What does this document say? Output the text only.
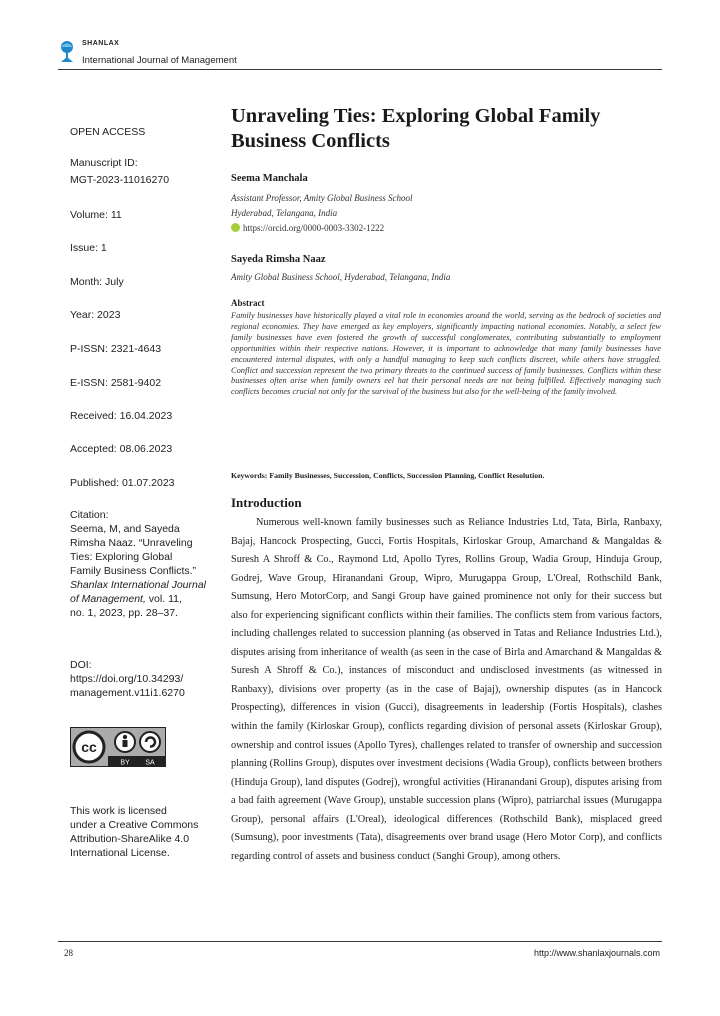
SHANLAX
International Journal of Management
OPEN ACCESS
Manuscript ID:
MGT-2023-11016270
Volume: 11
Issue: 1
Month: July
Year: 2023
P-ISSN: 2321-4643
E-ISSN: 2581-9402
Received: 16.04.2023
Accepted: 08.06.2023
Published: 01.07.2023
Citation:
Seema, M, and Sayeda
Rimsha Naaz. “Unraveling
Ties: Exploring Global
Family Business Conflicts.”
Shanlax International Journal
of Management, vol. 11,
no. 1, 2023, pp. 28–37.
DOI:
https://doi.org/10.34293/
management.v11i1.6270
cc
BY SA
This work is licensed
under a Creative Commons
Attribution-ShareAlike 4.0
International License.
Unraveling Ties: Exploring Global Family Business Conflicts
Seema Manchala
Assistant Professor, Amity Global Business School
Hyderabad, Telangana, India
https://orcid.org/0000-0003-3302-1222
Sayeda Rimsha Naaz
Amity Global Business School, Hyderabad, Telangana, India
Abstract
Family businesses have historically played a vital role in economies around the world, serving as the bedrock of societies and regional economies. They have emerged as key employers, significantly impacting national economies. Notably, a select few family businesses have even fostered the growth of successful conglomerates, contributing substantially to employment opportunities within their respective nations. However, it is important to acknowledge that many family businesses have encountered internal disputes, with only a handful managing to keep such conflicts discreet, while others have struggled. Conflict and succession represent the two primary threats to the continued success of family businesses. Conflicts within these businesses often arise when family owners eel hat their personal needs are not being fulfilled. Effectively managing such conflicts becomes crucial not only for the survival of the business but also for the well-being of the family involved.
Keywords: Family Businesses, Succession, Conflicts, Succession Planning, Conflict Resolution.
Introduction

Numerous well-known family businesses such as Reliance Industries Ltd, Tata, Birla, Ranbaxy, Bajaj, Hancock Prospecting, Gucci, Fortis Hospitals, Kirloskar Group, Amarchand & Mangaldas & Suresh A Shroff & Co., Raymond Ltd, Apollo Tyres, Rollins Group, Wadia Group, Hinduja Group, Godrej, Wave Group, Hiranandani Group, Wipro, Murugappa Group, L'Oreal, Rothschild Bank, Sumsung, Hero MotorCorp, and Sangi Group have gained prominence not only for their success but also for experiencing significant conflicts within their families. The conflicts stem from various factors, including challenges related to succession planning (as observed in Tatas and Reliance Industries Ltd.), disputes arising from inheritance of wealth (as seen in the case of Birla and Amarchand & Mangaldas & Suresh A Shroff & Co.), instances of misconduct and undisclosed investments (as witnessed in Ranbaxy), divisions over property (as in the case of Bajaj), ownership disputes (as in Hancock Prospecting), differences in vision (Gucci), disagreements in leadership (Fortis Hospitals), clashes within the family (Kirloskar Group), conflicts regarding division of personal assets (Kirloskar Group), ownership and control issues (Apollo Tyres), challenges related to transfer of ownership and succession planning (Rollins Group), disputes over investment decisions (Wadia Group), conflicts between brothers (Hinduja Group), land disputes (Godrej), wrongful activities (Hiranandani Group), disputes arising from a bad faith agreement (Wave Group), unstable succession plans (Wipro), patriarchal issues (Murugappa Group), personal affairs (L'Oreal), ideological differences (Rothschild Bank), misplaced greed (Sumsung), poor investments (Tata), disagreements over brand usage (Hero Motor Corp), and conflicts regarding control of assets and business conduct (Sanghi Group), among others.

28	http://www.shanlaxjournals.com
